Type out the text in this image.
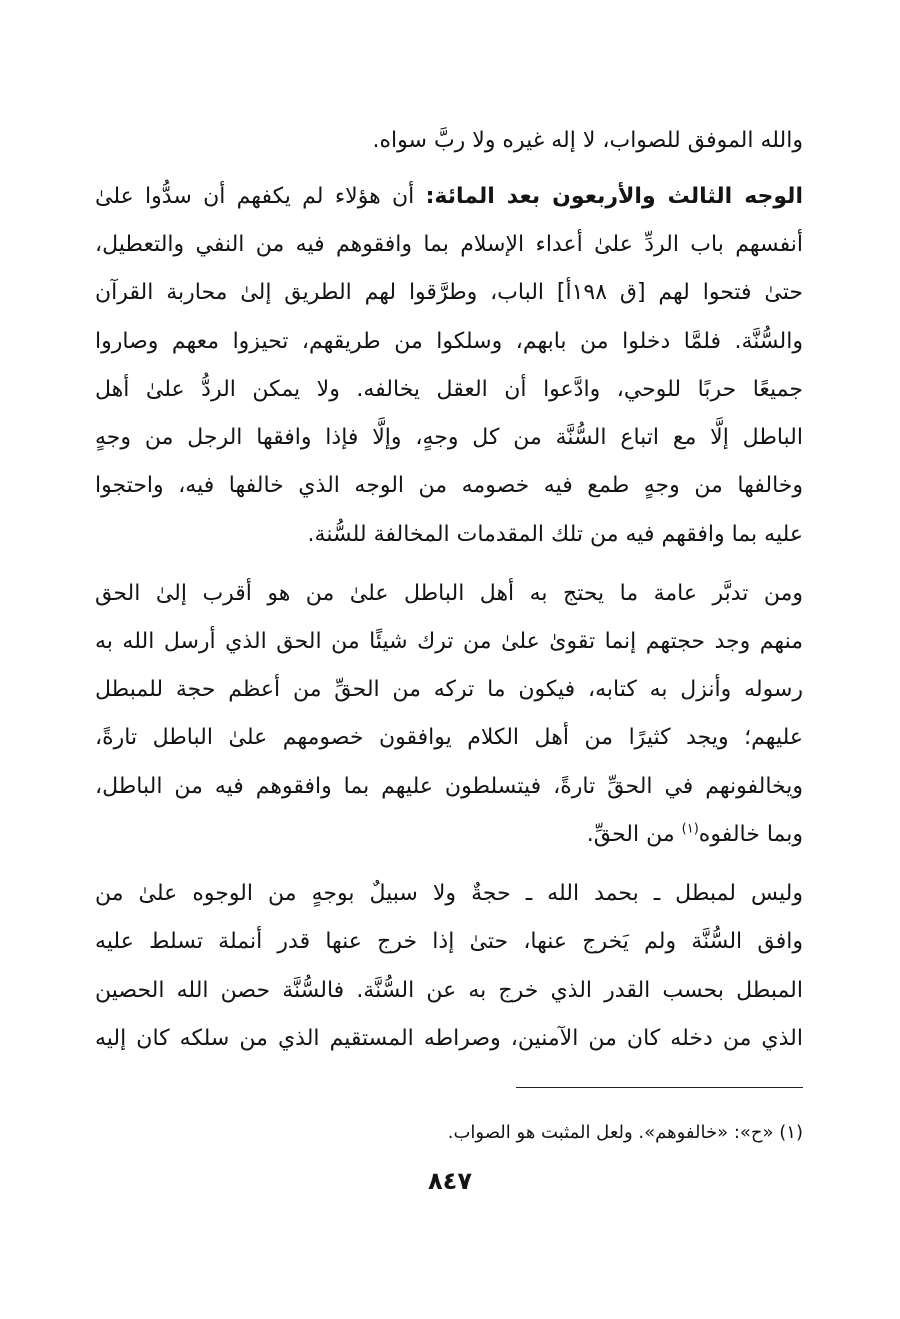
والله الموفق للصواب، لا إله غيره ولا ربَّ سواه.
الوجه الثالث والأربعون بعد المائة: أن هؤلاء لم يكفهم أن سدُّوا علىٰ
أنفسهم باب الردِّ علىٰ أعداء الإسلام بما وافقوهم فيه من النفي والتعطيل،
حتىٰ فتحوا لهم [ق ١٩٨أ] الباب، وطرَّقوا لهم الطريق إلىٰ محاربة القرآن
والسُّنَّة. فلمَّا دخلوا من بابهم، وسلكوا من طريقهم، تحيزوا معهم وصاروا
جميعًا حربًا للوحي، وادَّعوا أن العقل يخالفه. ولا يمكن الردُّ علىٰ أهل
الباطل إلَّا مع اتباع السُّنَّة من كل وجهٍ، وإلَّا فإذا وافقها الرجل من وجهٍ
وخالفها من وجهٍ طمع فيه خصومه من الوجه الذي خالفها فيه، واحتجوا
عليه بما وافقهم فيه من تلك المقدمات المخالفة للسُّنة.
ومن تدبَّر عامة ما يحتج به أهل الباطل علىٰ من هو أقرب إلىٰ الحق
منهم وجد حجتهم إنما تقوىٰ علىٰ من ترك شيئًا من الحق الذي أرسل الله به
رسوله وأنزل به كتابه، فيكون ما تركه من الحقِّ من أعظم حجة للمبطل
عليهم؛ ويجد كثيرًا من أهل الكلام يوافقون خصومهم علىٰ الباطل تارةً،
ويخالفونهم في الحقِّ تارةً، فيتسلطون عليهم بما وافقوهم فيه من الباطل،
وبما خالفوه$^{(١)}$ من الحقِّ.
ولیس لمبطل ـ بحمد الله ـ حجةٌ ولا سبيلٌ بوجهٍ من الوجوه علىٰ من
وافق السُّنَّة ولم يَخرج عنها، حتىٰ إذا خرج عنها قدر أنملة تسلط عليه
المبطل بحسب القدر الذي خرج به عن السُّنَّة. فالسُّنَّة حصن الله الحصين
الذي من دخله كان من الآمنين، وصراطه المستقيم الذي من سلكه كان إليه
(١) «ح»: «خالفوهم». ولعل المثبت هو الصواب.
٨٤٧
